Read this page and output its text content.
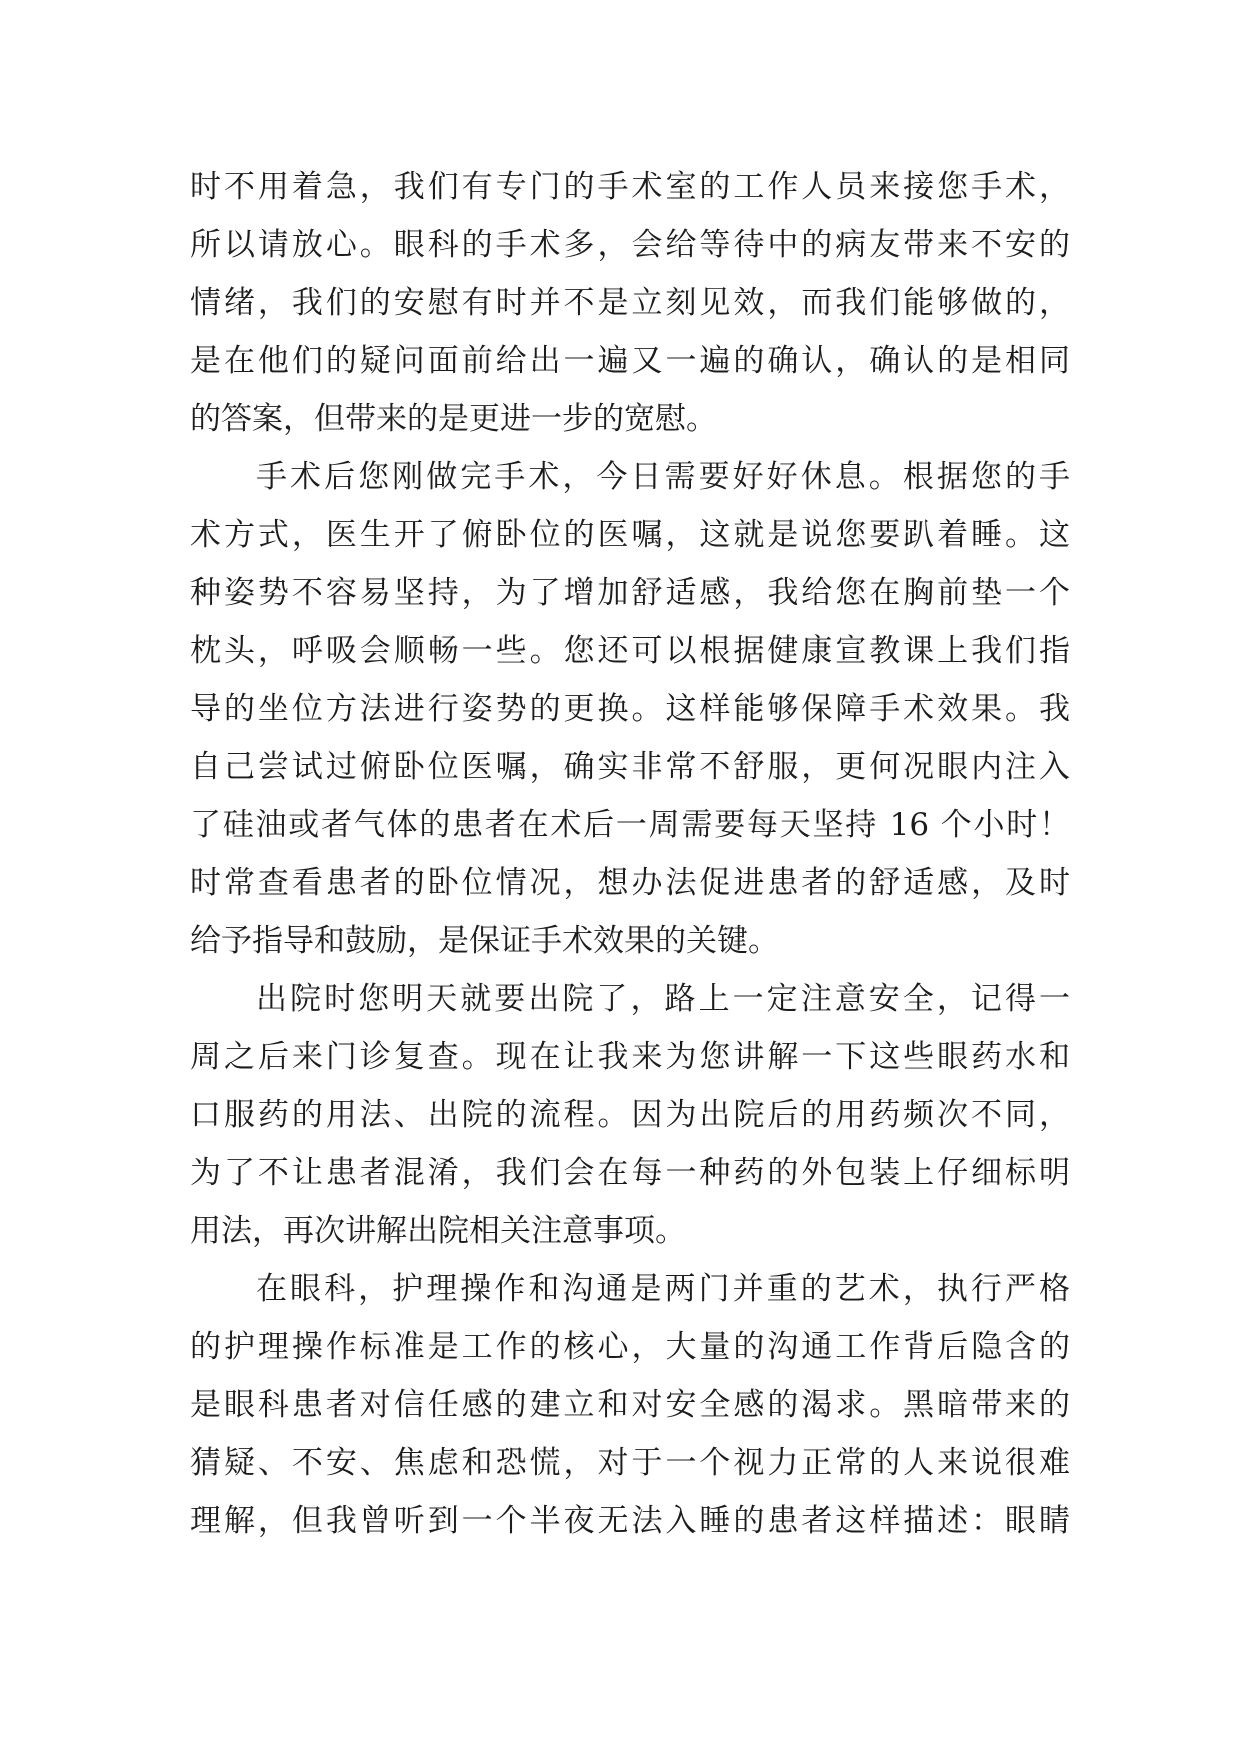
时不用着急，我们有专门的手术室的工作人员来接您手术，
所以请放心。眼科的手术多，会给等待中的病友带来不安的
情绪，我们的安慰有时并不是立刻见效，而我们能够做的，
是在他们的疑问面前给出一遍又一遍的确认，确认的是相同
的答案，但带来的是更进一步的宽慰。
手术后您刚做完手术，今日需要好好休息。根据您的手
术方式，医生开了俯卧位的医嘱，这就是说您要趴着睡。这
种姿势不容易坚持，为了增加舒适感，我给您在胸前垫一个
枕头，呼吸会顺畅一些。您还可以根据健康宣教课上我们指
导的坐位方法进行姿势的更换。这样能够保障手术效果。我
自己尝试过俯卧位医嘱，确实非常不舒服，更何况眼内注入
了硅油或者气体的患者在术后一周需要每天坚持 16 个小时！
时常查看患者的卧位情况，想办法促进患者的舒适感，及时
给予指导和鼓励，是保证手术效果的关键。
出院时您明天就要出院了，路上一定注意安全，记得一
周之后来门诊复查。现在让我来为您讲解一下这些眼药水和
口服药的用法、出院的流程。因为出院后的用药频次不同，
为了不让患者混淆，我们会在每一种药的外包装上仔细标明
用法，再次讲解出院相关注意事项。
在眼科，护理操作和沟通是两门并重的艺术，执行严格
的护理操作标准是工作的核心，大量的沟通工作背后隐含的
是眼科患者对信任感的建立和对安全感的渴求。黑暗带来的
猜疑、不安、焦虑和恐慌，对于一个视力正常的人来说很难
理解，但我曾听到一个半夜无法入睡的患者这样描述：眼睛
